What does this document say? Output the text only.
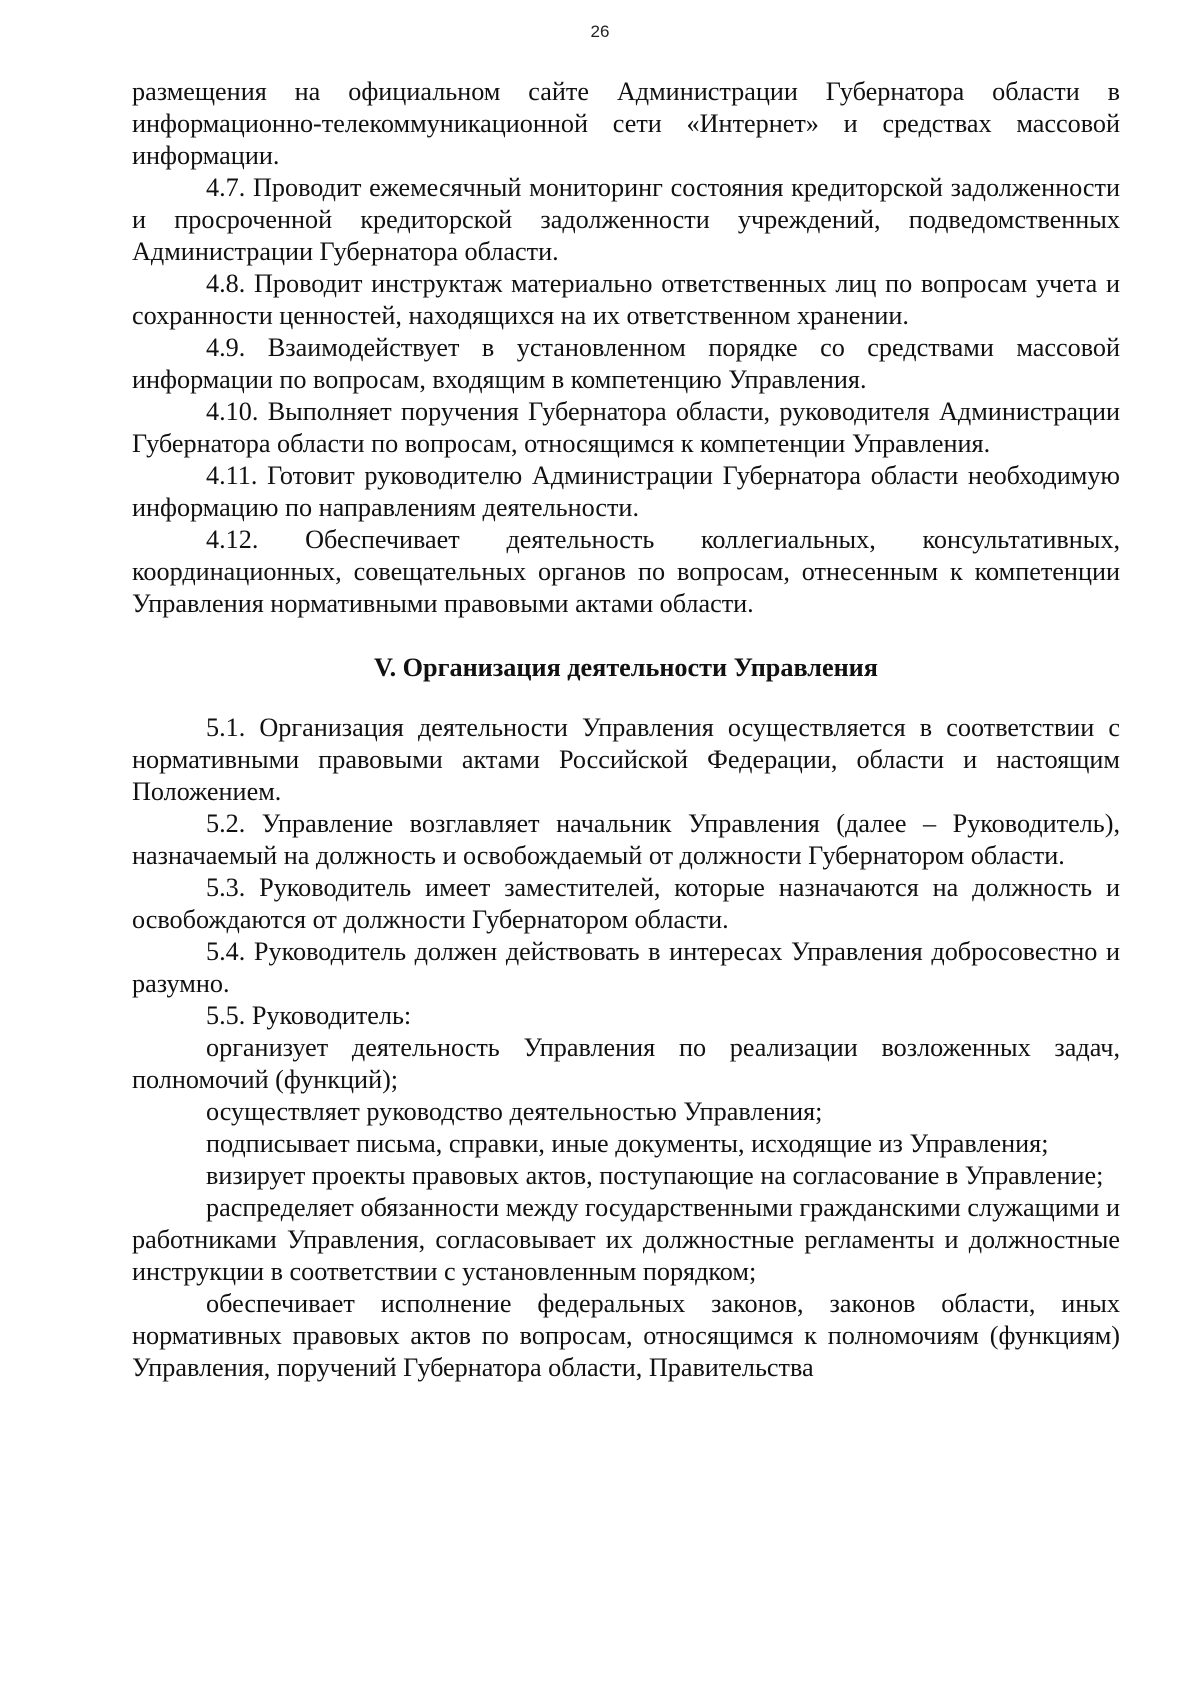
26

размещения на официальном сайте Администрации Губернатора области в информационно-телекоммуникационной сети «Интернет» и средствах массовой информации.

4.7. Проводит ежемесячный мониторинг состояния кредиторской задолженности и просроченной кредиторской задолженности учреждений, подведомственных Администрации Губернатора области.

4.8. Проводит инструктаж материально ответственных лиц по вопросам учета и сохранности ценностей, находящихся на их ответственном хранении.

4.9. Взаимодействует в установленном порядке со средствами массовой информации по вопросам, входящим в компетенцию Управления.

4.10. Выполняет поручения Губернатора области, руководителя Администрации Губернатора области по вопросам, относящимся к компетенции Управления.

4.11. Готовит руководителю Администрации Губернатора области необходимую информацию по направлениям деятельности.

4.12. Обеспечивает деятельность коллегиальных, консультативных, координационных, совещательных органов по вопросам, отнесенным к компетенции Управления нормативными правовыми актами области.

V. Организация деятельности Управления

5.1. Организация деятельности Управления осуществляется в соответствии с нормативными правовыми актами Российской Федерации, области и настоящим Положением.

5.2. Управление возглавляет начальник Управления (далее – Руководитель), назначаемый на должность и освобождаемый от должности Губернатором области.

5.3. Руководитель имеет заместителей, которые назначаются на должность и освобождаются от должности Губернатором области.

5.4. Руководитель должен действовать в интересах Управления добросовестно и разумно.

5.5. Руководитель:

организует деятельность Управления по реализации возложенных задач, полномочий (функций);

осуществляет руководство деятельностью Управления;

подписывает письма, справки, иные документы, исходящие из Управления;

визирует проекты правовых актов, поступающие на согласование в Управление;

распределяет обязанности между государственными гражданскими служащими и работниками Управления, согласовывает их должностные регламенты и должностные инструкции в соответствии с установленным порядком;

обеспечивает исполнение федеральных законов, законов области, иных нормативных правовых актов по вопросам, относящимся к полномочиям (функциям) Управления, поручений Губернатора области, Правительства
